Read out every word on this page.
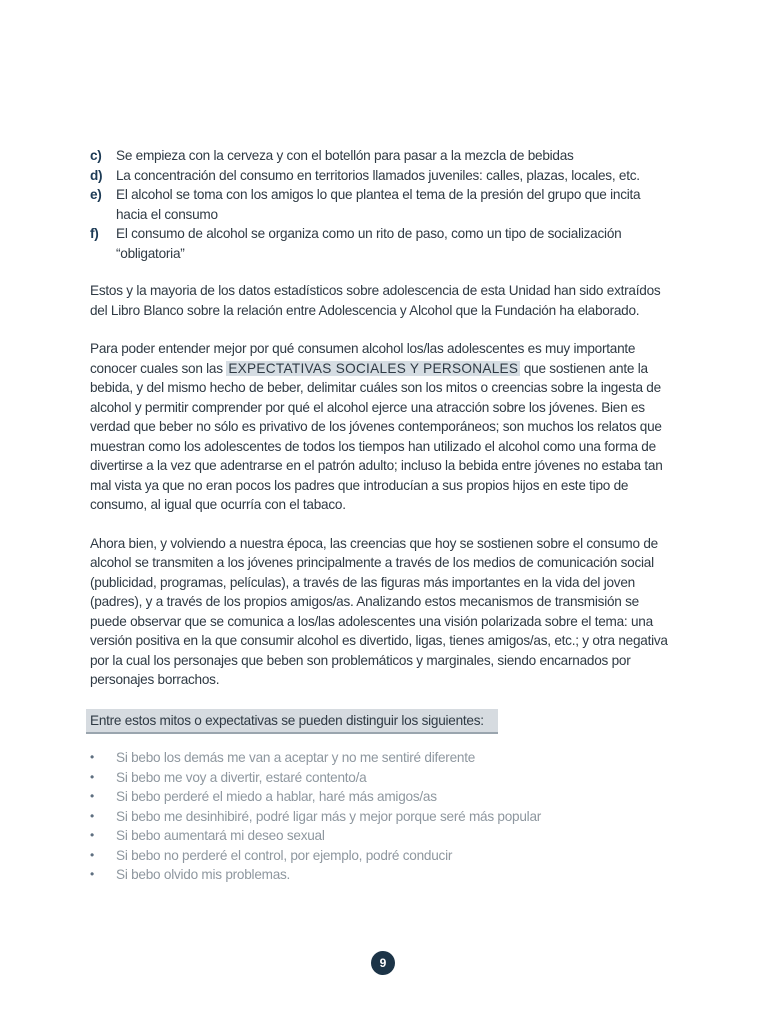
c)	Se empieza con la cerveza y con el botellón para pasar a la mezcla de bebidas
d)	La concentración del consumo en territorios llamados juveniles: calles, plazas, locales, etc.
e)	El alcohol se toma con los amigos lo que plantea el tema de la presión del grupo que incita hacia el consumo
f)	El consumo de alcohol se organiza como un rito de paso, como un tipo de socialización “obligatoria”

Estos y la mayoria de los datos estadísticos sobre adolescencia de esta Unidad han sido extraídos del Libro Blanco sobre la relación entre Adolescencia y Alcohol que la Fundación ha elaborado.

Para poder entender mejor por qué consumen alcohol los/las adolescentes es muy importante conocer cuales son las EXPECTATIVAS SOCIALES Y PERSONALES que sostienen ante la bebida, y del mismo hecho de beber, delimitar cuáles son los mitos o creencias sobre la ingesta de alcohol y permitir comprender por qué el alcohol ejerce una atracción sobre los jóvenes. Bien es verdad que beber no sólo es privativo de los jóvenes contemporáneos; son muchos los relatos que muestran como los adolescentes de todos los tiempos han utilizado el alcohol como una forma de divertirse a la vez que adentrarse en el patrón adulto; incluso la bebida entre jóvenes no estaba tan mal vista ya que no eran pocos los padres que introducían a sus propios hijos en este tipo de consumo, al igual que ocurría con el tabaco.

Ahora bien, y volviendo a nuestra época, las creencias que hoy se sostienen sobre el consumo de alcohol se transmiten a los jóvenes principalmente a través de los medios de comunicación social (publicidad, programas, películas), a través de las figuras más importantes en la vida del joven (padres), y a través de los propios amigos/as. Analizando estos mecanismos de transmisión se puede observar que se comunica a los/las adolescentes una visión polarizada sobre el tema: una versión positiva en la que consumir alcohol es divertido, ligas, tienes amigos/as, etc.; y otra negativa por la cual los personajes que beben son problemáticos y marginales, siendo encarnados por personajes borrachos.

Entre estos mitos o expectativas se pueden distinguir los siguientes:
•	Si bebo los demás me van a aceptar y no me sentiré diferente
•	Si bebo me voy a divertir, estaré contento/a
•	Si bebo perderé el miedo a hablar, haré más amigos/as
•	Si bebo me desinhibiré, podré ligar más y mejor porque seré más popular
•	Si bebo aumentará mi deseo sexual
•	Si bebo no perderé el control, por ejemplo, podré conducir
•	Si bebo olvido mis problemas.
9
